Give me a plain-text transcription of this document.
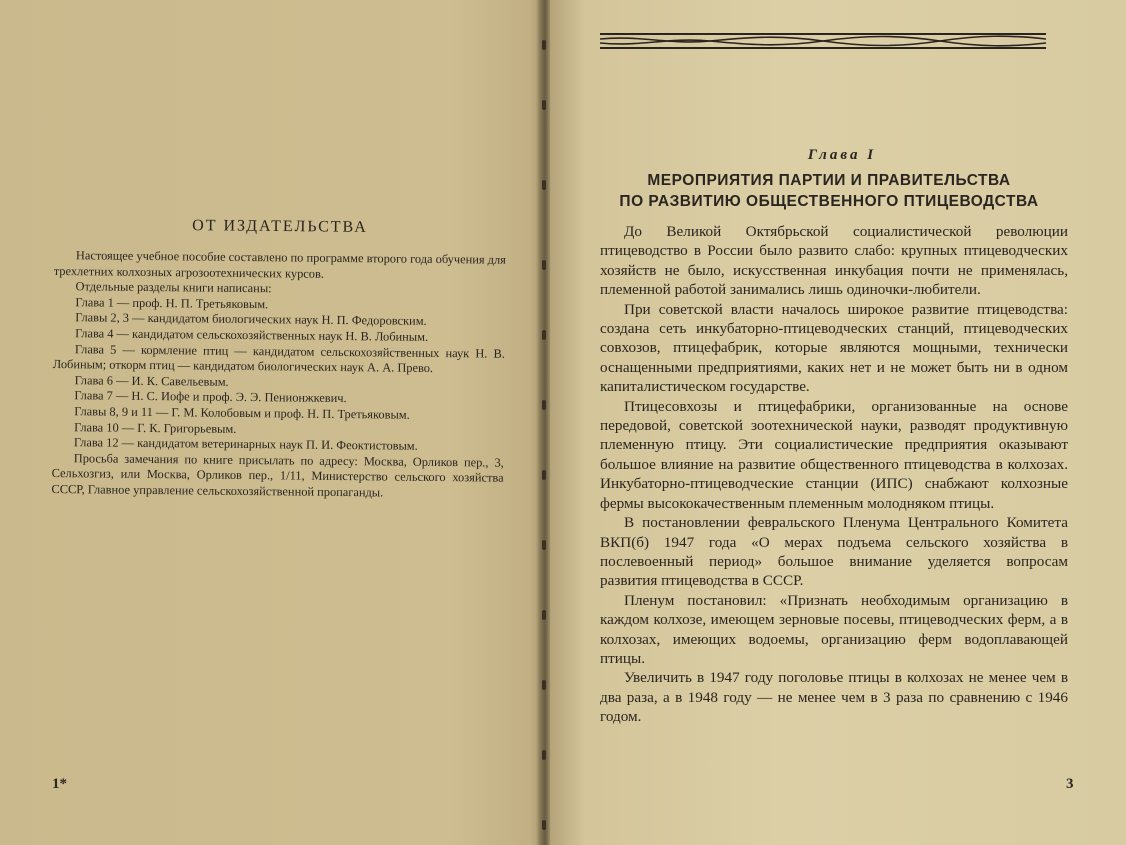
ОТ ИЗДАТЕЛЬСТВА

Настоящее учебное пособие составлено по программе второго года обучения для трехлетних колхозных агрозоотехнических курсов.

Отдельные разделы книги написаны:

Глава 1 — проф. Н. П. Третьяковым.

Главы 2, 3 — кандидатом биологических наук Н. П. Федоровским.

Глава 4 — кандидатом сельскохозяйственных наук Н. В. Лобиным.

Глава 5 — кормление птиц — кандидатом сельскохозяйственных наук Н. В. Лобиным; откорм птиц — кандидатом биологических наук А. А. Прево.

Глава 6 — И. К. Савельевым.

Глава 7 — Н. С. Иофе и проф. Э. Э. Пенионжкевич.

Главы 8, 9 и 11 — Г. М. Колобовым и проф. Н. П. Третьяковым.

Глава 10 — Г. К. Григорьевым.

Глава 12 — кандидатом ветеринарных наук П. И. Феоктистовым.

Просьба замечания по книге присылать по адресу: Москва, Орликов пер., 3, Сельхозгиз, или Москва, Орликов пер., 1/11, Министерство сельского хозяйства СССР, Главное управление сельскохозяйственной пропаганды.

1*
Глава I
МЕРОПРИЯТИЯ ПАРТИИ И ПРАВИТЕЛЬСТВА
ПО РАЗВИТИЮ ОБЩЕСТВЕННОГО ПТИЦЕВОДСТВА

До Великой Октябрьской социалистической революции птицеводство в России было развито слабо: крупных птицеводческих хозяйств не было, искусственная инкубация почти не применялась, племенной работой занимались лишь одиночки-любители.

При советской власти началось широкое развитие птицеводства: создана сеть инкубаторно-птицеводческих станций, птицеводческих совхозов, птицефабрик, которые являются мощными, технически оснащенными предприятиями, каких нет и не может быть ни в одном капиталистическом государстве.

Птицесовхозы и птицефабрики, организованные на основе передовой, советской зоотехнической науки, разводят продуктивную племенную птицу. Эти социалистические предприятия оказывают большое влияние на развитие общественного птицеводства в колхозах. Инкубаторно-птицеводческие станции (ИПС) снабжают колхозные фермы высококачественным племенным молодняком птицы.

В постановлении февральского Пленума Центрального Комитета ВКП(б) 1947 года «О мерах подъема сельского хозяйства в послевоенный период» большое внимание уделяется вопросам развития птицеводства в СССР.

Пленум постановил: «Признать необходимым организацию в каждом колхозе, имеющем зерновые посевы, птицеводческих ферм, а в колхозах, имеющих водоемы, организацию ферм водоплавающей птицы.

Увеличить в 1947 году поголовье птицы в колхозах не менее чем в два раза, а в 1948 году — не менее чем в 3 раза по сравнению с 1946 годом.

3
